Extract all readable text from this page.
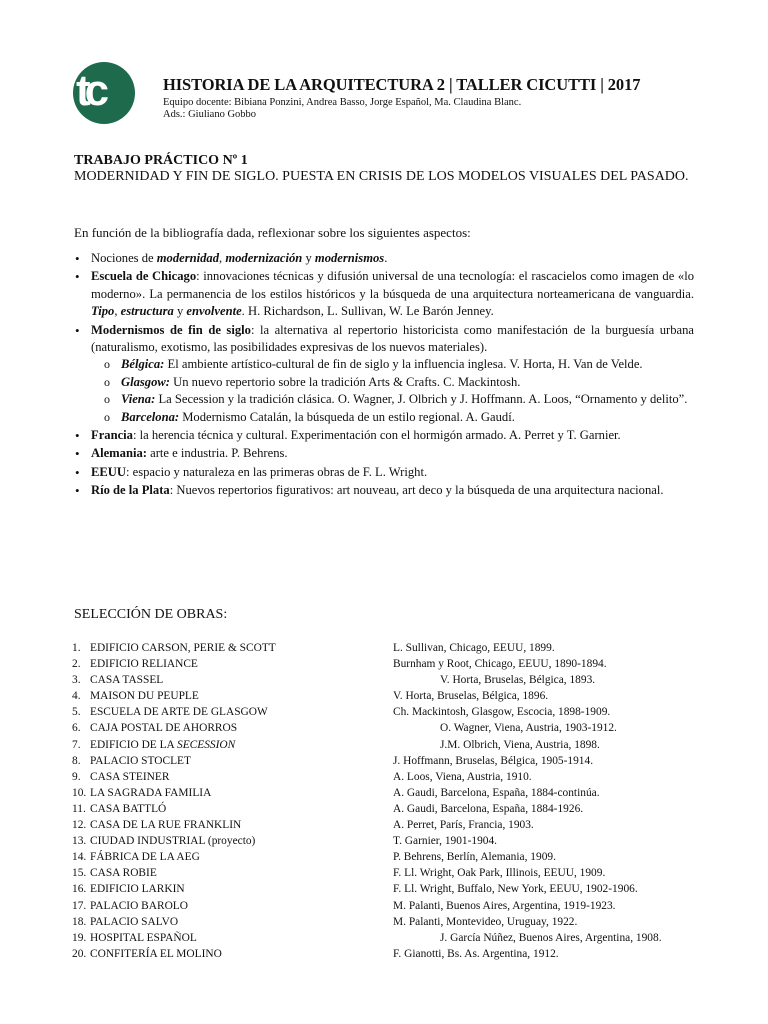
tc	HISTORIA DE LA ARQUITECTURA 2 | TALLER CICUTTI | 2017
Equipo docente: Bibiana Ponzini, Andrea Basso, Jorge Español, Ma. Claudina Blanc.
Ads.: Giuliano Gobbo
TRABAJO PRÁCTICO Nº 1
MODERNIDAD Y FIN DE SIGLO. PUESTA EN CRISIS DE LOS MODELOS VISUALES DEL PASADO.
En función de la bibliografía dada, reflexionar sobre los siguientes aspectos:
• Nociones de modernidad, modernización y modernismos.
• Escuela de Chicago: innovaciones técnicas y difusión universal de una tecnología: el rascacielos como imagen de «lo moderno». La permanencia de los estilos históricos y la búsqueda de una arquitectura norteamericana de vanguardia. Tipo, estructura y envolvente. H. Richardson, L. Sullivan, W. Le Barón Jenney.
• Modernismos de fin de siglo: la alternativa al repertorio historicista como manifestación de la burguesía urbana (naturalismo, exotismo, las posibilidades expresivas de los nuevos materiales).
o Bélgica: El ambiente artístico-cultural de fin de siglo y la influencia inglesa. V. Horta, H. Van de Velde.
o Glasgow: Un nuevo repertorio sobre la tradición Arts & Crafts. C. Mackintosh.
o Viena: La Secession y la tradición clásica. O. Wagner, J. Olbrich y J. Hoffmann. A. Loos, “Ornamento y delito”.
o Barcelona: Modernismo Catalán, la búsqueda de un estilo regional. A. Gaudí.
• Francia: la herencia técnica y cultural. Experimentación con el hormigón armado. A. Perret y T. Garnier.
• Alemania: arte e industria. P. Behrens.
• EEUU: espacio y naturaleza en las primeras obras de F. L. Wright.
• Río de la Plata: Nuevos repertorios figurativos: art nouveau, art deco y la búsqueda de una arquitectura nacional.
SELECCIÓN DE OBRAS:
1. EDIFICIO CARSON, PERIE & SCOTT	L. Sullivan, Chicago, EEUU, 1899.
2. EDIFICIO RELIANCE	Burnham y Root, Chicago, EEUU, 1890-1894.
3. CASA TASSEL	V. Horta, Bruselas, Bélgica, 1893.
4. MAISON DU PEUPLE	V. Horta, Bruselas, Bélgica, 1896.
5. ESCUELA DE ARTE DE GLASGOW	Ch. Mackintosh, Glasgow, Escocia, 1898-1909.
6. CAJA POSTAL DE AHORROS	O. Wagner, Viena, Austria, 1903-1912.
7. EDIFICIO DE LA SECESSION	J.M. Olbrich, Viena, Austria, 1898.
8. PALACIO STOCLET	J. Hoffmann, Bruselas, Bélgica, 1905-1914.
9. CASA STEINER	A. Loos, Viena, Austria, 1910.
10. LA SAGRADA FAMILIA	A. Gaudi, Barcelona, España, 1884-continúa.
11. CASA BATTLÓ	A. Gaudi, Barcelona, España, 1884-1926.
12. CASA DE LA RUE FRANKLIN	A. Perret, París, Francia, 1903.
13. CIUDAD INDUSTRIAL (proyecto)	T. Garnier, 1901-1904.
14. FÁBRICA DE LA AEG	P. Behrens, Berlín, Alemania, 1909.
15. CASA ROBIE	F. Ll. Wright, Oak Park, Illinois, EEUU, 1909.
16. EDIFICIO LARKIN	F. Ll. Wright, Buffalo, New York, EEUU, 1902-1906.
17. PALACIO BAROLO	M. Palanti, Buenos Aires, Argentina, 1919-1923.
18. PALACIO SALVO	M. Palanti, Montevideo, Uruguay, 1922.
19. HOSPITAL ESPAÑOL	J. García Núñez, Buenos Aires, Argentina, 1908.
20. CONFITERÍA EL MOLINO	F. Gianotti, Bs. As. Argentina, 1912.
